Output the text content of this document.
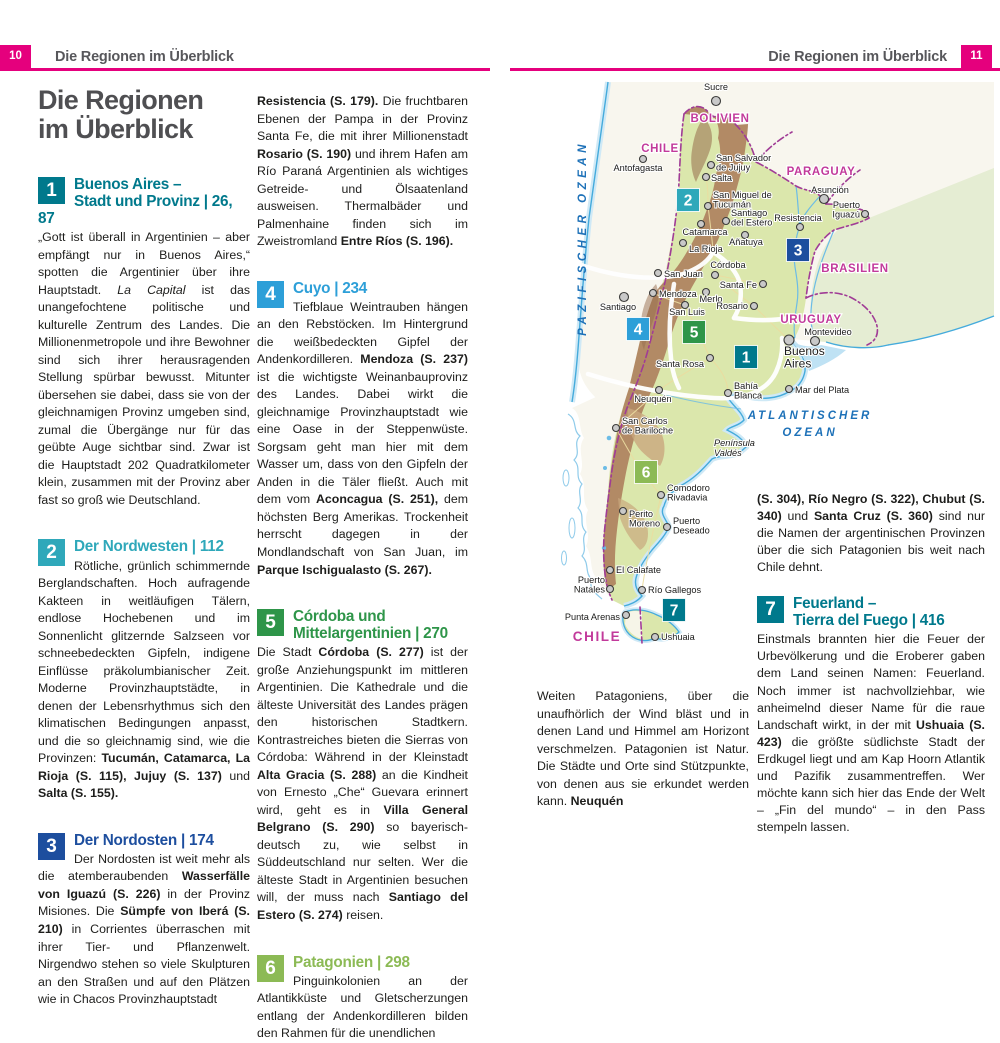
10	Die Regionen im Überblick	Die Regionen im Überblick	11
Die Regionen
im Überblick
1	Buenos Aires –
Stadt und Provinz | 26, 87

„Gott ist überall in Argentinien – aber empfängt nur in Buenos Aires,“ spotten die Argentinier über ihre Hauptstadt. La Capital ist das unangefochtene politische und kulturelle Zentrum des Landes. Die Millionenmetropole und ihre Bewohner sind sich ihrer herausragenden Stellung spürbar bewusst. Mitunter übersehen sie dabei, dass sie von der gleichnamigen Provinz umgeben sind, zumal die Übergänge nur für das geübte Auge sichtbar sind. Zwar ist die Hauptstadt 202 Quadratkilometer klein, zusammen mit der Provinz aber fast so groß wie Deutschland.

2	Der Nordwesten | 112

Rötliche, grünlich schimmernde Berglandschaften. Hoch aufragende Kakteen in weitläufigen Tälern, endlose Hochebenen und im Sonnenlicht glitzernde Salzseen vor schneebedeckten Gipfeln, indigene Einflüsse präkolumbianischer Zeit. Moderne Provinzhauptstädte, in denen der Lebensrhythmus sich den klimatischen Bedingungen anpasst, und die so gleichnamig sind, wie die Provinzen: Tucumán, Catamarca, La Rioja (S. 115), Jujuy (S. 137) und Salta (S. 155).

3	Der Nordosten | 174

Der Nordosten ist weit mehr als die atemberaubenden Wasserfälle von Iguazú (S. 226) in der Provinz Misiones. Die Sümpfe von Iberá (S. 210) in Corrientes überraschen mit ihrer Tier- und Pflanzenwelt. Nirgendwo stehen so viele Skulpturen an den Straßen und auf den Plätzen wie in Chacos Provinzhauptstadt

Resistencia (S. 179). Die fruchtbaren Ebenen der Pampa in der Provinz Santa Fe, die mit ihrer Millionenstadt Rosario (S. 190) und ihrem Hafen am Río Paraná Argentinien als wichtiges Getreide- und Ölsaatenland ausweisen. Thermalbäder und Palmenhaine finden sich im Zweistromland Entre Ríos (S. 196).

4	Cuyo | 234

Tiefblaue Weintrauben hängen an den Rebstöcken. Im Hintergrund die weißbedeckten Gipfel der Andenkordilleren. Mendoza (S. 237) ist die wichtigste Weinanbauprovinz des Landes. Dabei wirkt die gleichnamige Provinzhauptstadt wie eine Oase in der Steppenwüste. Sorgsam geht man hier mit dem Wasser um, dass von den Gipfeln der Anden in die Täler fließt. Auch mit dem vom Aconcagua (S. 251), dem höchsten Berg Amerikas. Trockenheit herrscht dagegen in der Mondlandschaft von San Juan, im Parque Ischigualasto (S. 267).

5	Córdoba und
Mittelargentinien | 270

Die Stadt Córdoba (S. 277) ist der große Anziehungspunkt im mittleren Argentinien. Die Kathedrale und die älteste Universität des Landes prägen den historischen Stadtkern. Kontrastreiches bieten die Sierras von Córdoba: Während in der Kleinstadt Alta Gracia (S. 288) an die Kindheit von Ernesto „Che“ Guevara erinnert wird, geht es in Villa General Belgrano (S. 290) so bayerisch-deutsch zu, wie selbst in Süddeutschland nur selten. Wer die älteste Stadt in Argentinien besuchen will, der muss nach Santiago del Estero (S. 274) reisen.

6	Patagonien | 298

Pinguinkolonien an der Atlantikküste und Gletscherzungen entlang der Andenkordilleren bilden den Rahmen für die unendlichen

2
3
4	5
1
6
7
Sucre
Antofagasta
San Salvador de Jujuy
Salta
San Miguel de Tucumán
Santiago del Estero
Catamarca
Añatuya
La Rioja
Resistencia
Asunción
Puerto Iguazú
Córdoba
San Juan
Santa Fe
Mendoza Merlo
Santiago	San Luis
Rosario
Montevideo
Buenos Aires
Santa Rosa
Bahía Blanca
Mar del Plata
Neuquén
San Carlos de Bariloche
Comodoro Rivadavia
Perito Moreno Puerto Deseado
El Calafate
Puerto Natales	Río Gallegos
Punta Arenas
Ushuaia
BOLIVIEN
CHILE
PARAGUAY
BRASILIEN
URUGUAY
CHILE
PAZIFISCHER OZEAN
ATLANTISCHER
OZEAN
Península Valdés

Weiten Patagoniens, über die unaufhörlich der Wind bläst und in denen Land und Himmel am Horizont verschmelzen. Patagonien ist Natur. Die Städte und Orte sind Stützpunkte, von denen aus sie erkundet werden kann. Neuquén

(S. 304), Río Negro (S. 322), Chubut (S. 340) und Santa Cruz (S. 360) sind nur die Namen der argentinischen Provinzen über die sich Patagonien bis weit nach Chile dehnt.

7	Feuerland –
Tierra del Fuego | 416

Einstmals brannten hier die Feuer der Urbevölkerung und die Eroberer gaben dem Land seinen Namen: Feuerland. Noch immer ist nachvollziehbar, wie anheimelnd dieser Name für die raue Landschaft wirkt, in der mit Ushuaia (S. 423) die größte südlichste Stadt der Erdkugel liegt und am Kap Hoorn Atlantik und Pazifik zusammentreffen. Wer möchte kann sich hier das Ende der Welt – „Fin del mundo“ – in den Pass stempeln lassen.
